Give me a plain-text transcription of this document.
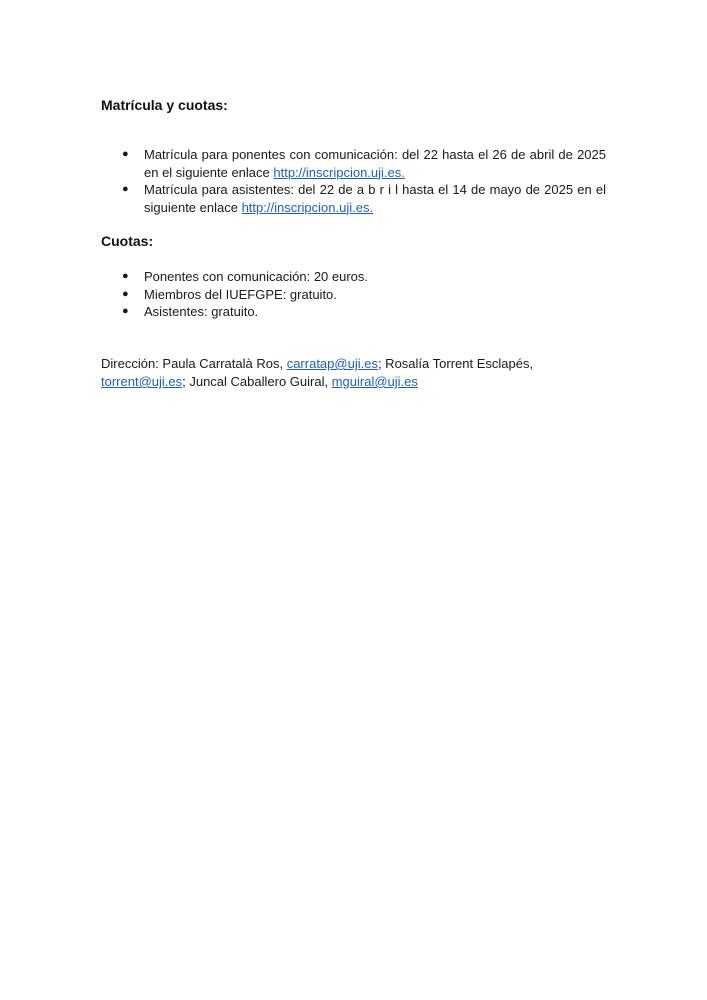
Matrícula y cuotas:

● Matrícula para ponentes con comunicación: del 22 hasta el 26 de abril de 2025 en el siguiente enlace http://inscripcion.uji.es.
● Matrícula para asistentes: del 22 de a b r i l hasta el 14 de mayo de 2025 en el siguiente enlace http://inscripcion.uji.es.

Cuotas:

● Ponentes con comunicación: 20 euros.
● Miembros del IUEFGPE: gratuito.
● Asistentes: gratuito.

Dirección: Paula Carratalà Ros, carratap@uji.es; Rosalía Torrent Esclapés, torrent@uji.es; Juncal Caballero Guiral, mguiral@uji.es
